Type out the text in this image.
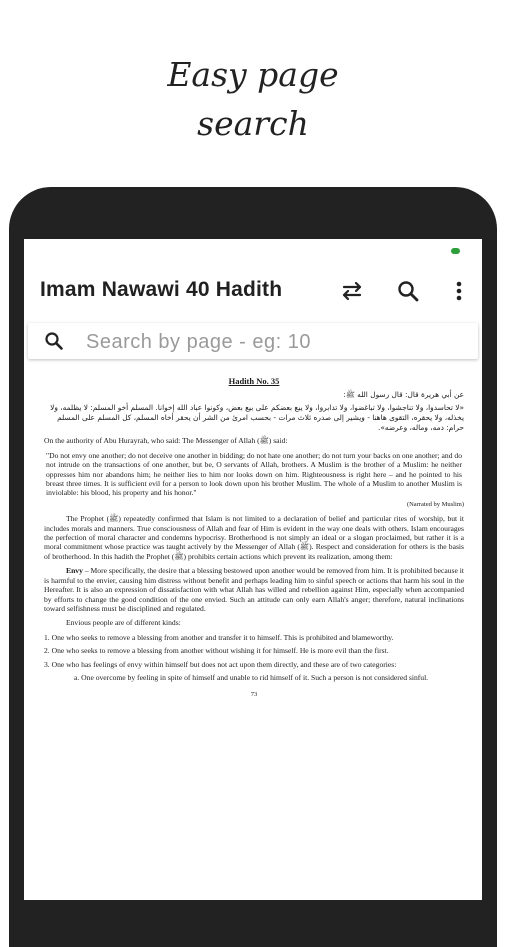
Easy page
search
Imam Nawawi 40 Hadith
Search by page - eg: 10
Hadith No. 35
عن أبي هريرة قال: قال رسول الله ﷺ:
«لا تحاسدوا، ولا تناجشوا، ولا تباغضوا، ولا تدابروا، ولا يبع بعضكم على بيع بعض، وكونوا عباد الله إخوانا. المسلم أخو المسلم: لا يظلمه، ولا يخذله، ولا يحقره، التقوى هاهنا - ويشير إلى صدره ثلاث مرات - بحسب امرئ من الشر أن يحقر أخاه المسلم، كل المسلم على المسلم حرام: دمه، وماله، وعرضه».
On the authority of Abu Hurayrah, who said: The Messenger of Allah (ﷺ) said:
"Do not envy one another; do not deceive one another in bidding; do not hate one another; do not turn your backs on one another; and do not intrude on the transactions of one another, but be, O servants of Allah, brothers. A Muslim is the brother of a Muslim: he neither oppresses him nor abandons him; he neither lies to him nor looks down on him. Righteousness is right here – and he pointed to his breast three times. It is sufficient evil for a person to look down upon his brother Muslim. The whole of a Muslim to another Muslim is inviolable: his blood, his property and his honor."
(Narrated by Muslim)
The Prophet (ﷺ) repeatedly confirmed that Islam is not limited to a declaration of belief and particular rites of worship, but it includes morals and manners. True consciousness of Allah and fear of Him is evident in the way one deals with others. Islam encourages the perfection of moral character and condemns hypocrisy. Brotherhood is not simply an ideal or a slogan proclaimed, but rather it is a moral commitment whose practice was taught actively by the Messenger of Allah (ﷺ). Respect and consideration for others is the basis of brotherhood. In this hadith the Prophet (ﷺ) prohibits certain actions which prevent its realization, among them:
Envy – More specifically, the desire that a blessing bestowed upon another would be removed from him. It is prohibited because it is harmful to the envier, causing him distress without benefit and perhaps leading him to sinful speech or actions that harm his soul in the Hereafter. It is also an expression of dissatisfaction with what Allah has willed and rebellion against Him, especially when accompanied by efforts to change the good condition of the one envied. Such an attitude can only earn Allah's anger; therefore, natural inclinations toward selfishness must be disciplined and regulated.
Envious people are of different kinds:
1. One who seeks to remove a blessing from another and transfer it to himself. This is prohibited and blameworthy.
2. One who seeks to remove a blessing from another without wishing it for himself. He is more evil than the first.
3. One who has feelings of envy within himself but does not act upon them directly, and these are of two categories:
a. One overcome by feeling in spite of himself and unable to rid himself of it. Such a person is not considered sinful.
73
